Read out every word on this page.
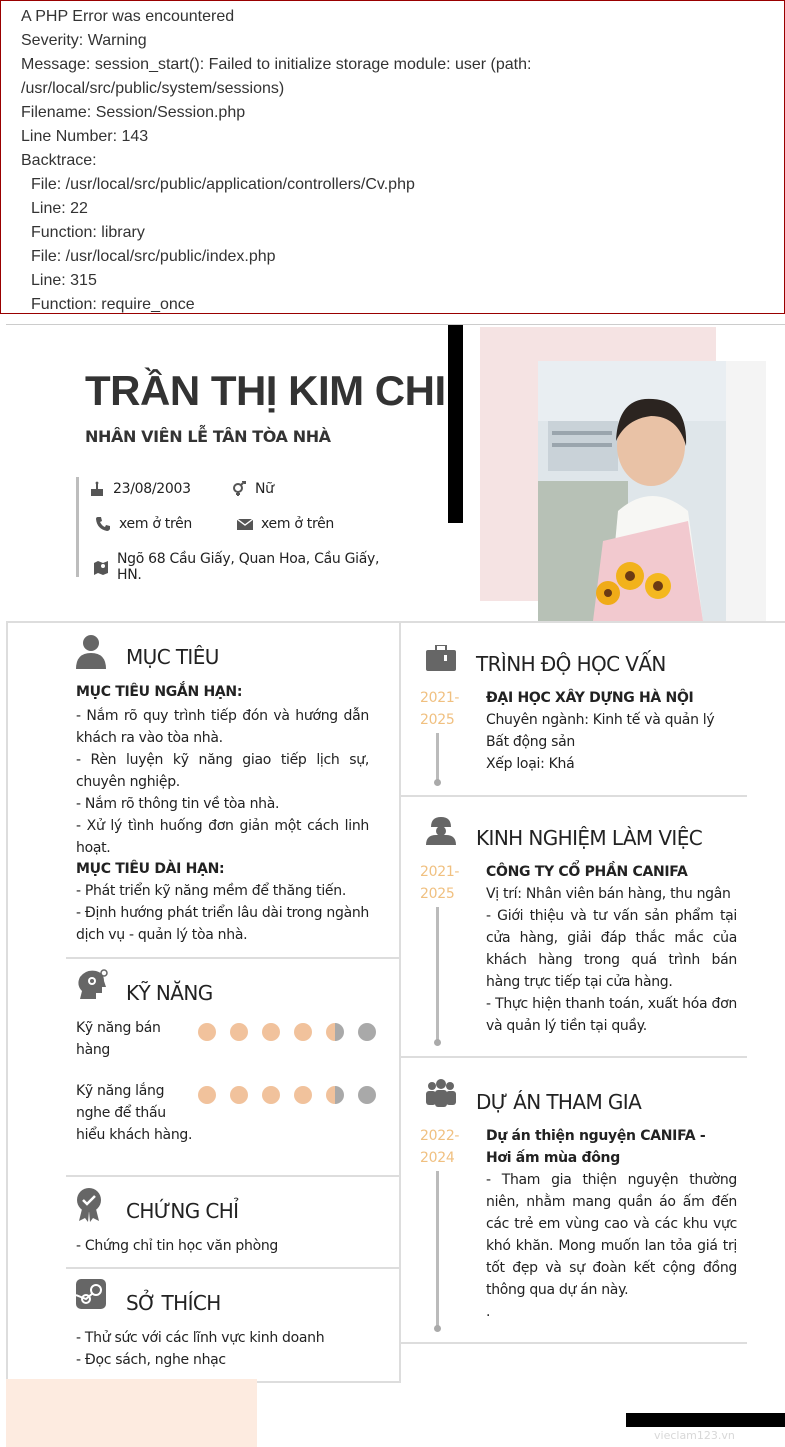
A PHP Error was encountered

Severity: Warning

Message: session_start(): Failed to initialize storage module: user (path:

/usr/local/src/public/system/sessions)

Filename: Session/Session.php

Line Number: 143

Backtrace:

File: /usr/local/src/public/application/controllers/Cv.php

Line: 22

Function: library

File: /usr/local/src/public/index.php

Line: 315

Function: require_once

TRẦN THỊ KIM CHI
NHÂN VIÊN LỄ TÂN TÒA NHÀ
23/08/2003	Nữ
xem ở trên	xem ở trên
Ngõ 68 Cầu Giấy, Quan Hoa, Cầu Giấy, HN.
MỤC TIÊU
MỤC TIÊU NGẮN HẠN:
- Nắm rõ quy trình tiếp đón và hướng dẫn khách ra vào tòa nhà.
- Rèn luyện kỹ năng giao tiếp lịch sự, chuyên nghiệp.
- Nắm rõ thông tin về tòa nhà.
- Xử lý tình huống đơn giản một cách linh hoạt.
MỤC TIÊU DÀI HẠN:
- Phát triển kỹ năng mềm để thăng tiến.
- Định hướng phát triển lâu dài trong ngành dịch vụ - quản lý tòa nhà.
KỸ NĂNG
Kỹ năng bán hàng
Kỹ năng lắng nghe để thấu hiểu khách hàng.
CHỨNG CHỈ
- Chứng chỉ tin học văn phòng
SỞ THÍCH
- Thử sức với các lĩnh vực kinh doanh
- Đọc sách, nghe nhạc
TRÌNH ĐỘ HỌC VẤN
2021-
2025
ĐẠI HỌC XÂY DỰNG HÀ NỘI
Chuyên ngành: Kinh tế và quản lý
Bất động sản
Xếp loại: Khá
KINH NGHIỆM LÀM VIỆC
2021-
2025
CÔNG TY CỔ PHẦN CANIFA
Vị trí: Nhân viên bán hàng, thu ngân
- Giới thiệu và tư vấn sản phẩm tại cửa hàng, giải đáp thắc mắc của khách hàng trong quá trình bán hàng trực tiếp tại cửa hàng.
- Thực hiện thanh toán, xuất hóa đơn và quản lý tiền tại quầy.
DỰ ÁN THAM GIA
2022-
2024
Dự án thiện nguyện CANIFA - Hơi ấm mùa đông
- Tham gia thiện nguyện thường niên, nhằm mang quần áo ấm đến các trẻ em vùng cao và các khu vực khó khăn. Mong muốn lan tỏa giá trị tốt đẹp và sự đoàn kết cộng đồng thông qua dự án này.
.
vieclam123.vn
